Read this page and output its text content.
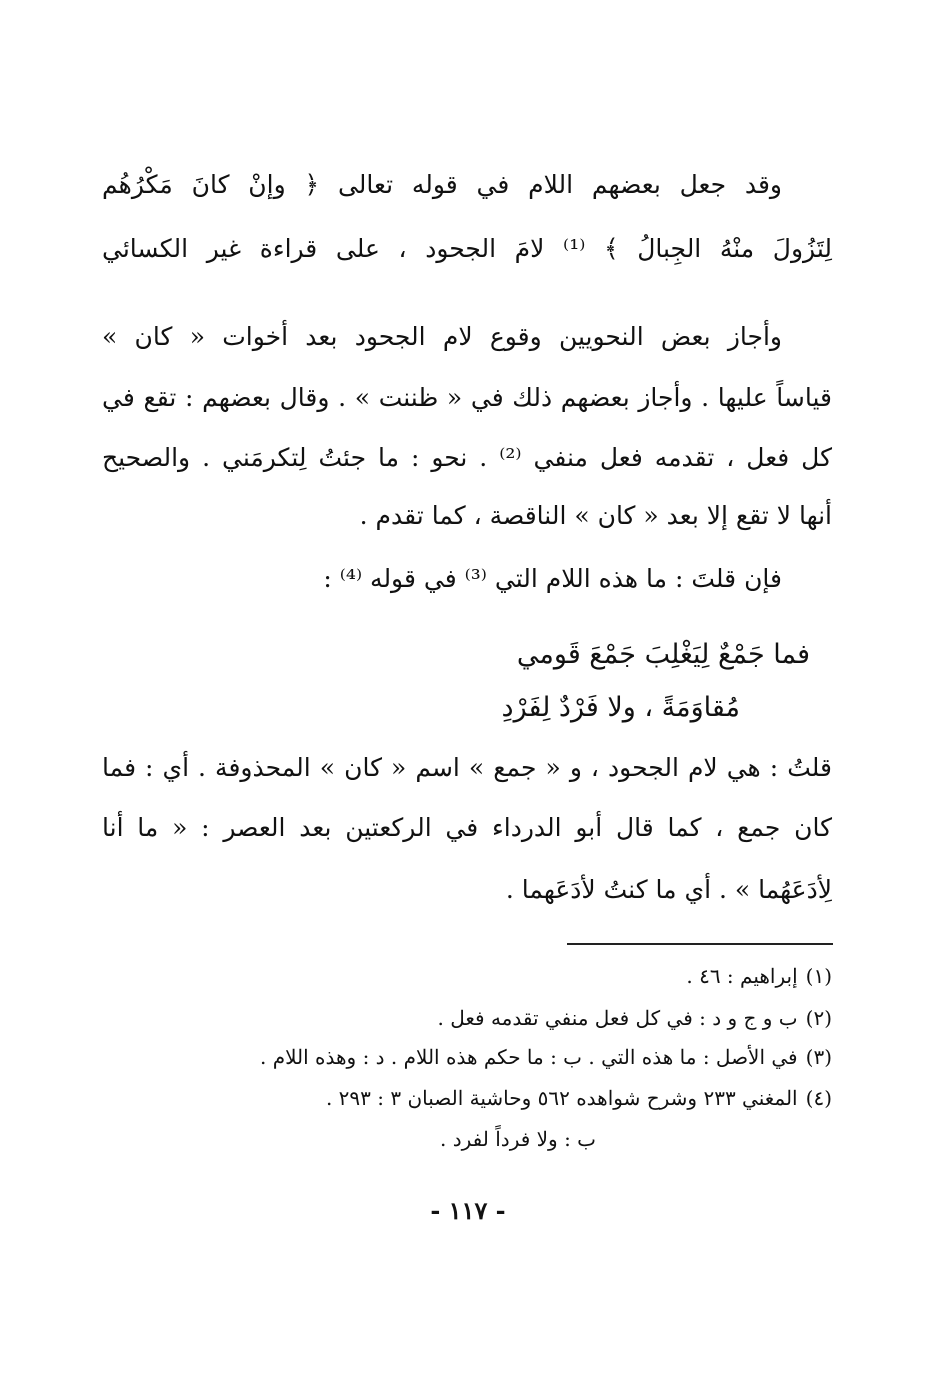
وقد جعل بعضهم اللام في قوله تعالى ﴿ وإنْ كانَ مَكْرُهُم
لِتَزُولَ منْهُ الجِبالُ ﴾ ⁽¹⁾ لامَ الجحود ، على قراءة غير الكسائي
وأجاز بعض النحويين وقوع لام الجحود بعد أخوات « كان »
قياساً عليها . وأجاز بعضهم ذلك في « ظننت » . وقال بعضهم : تقع في
كل فعل ، تقدمه فعل منفي ⁽²⁾ . نحو : ما جئتُ لِتكرمَني . والصحيح
أنها لا تقع إلا بعد « كان » الناقصة ، كما تقدم .
فإن قلتَ : ما هذه اللام التي ⁽³⁾ في قوله ⁽⁴⁾ :
فما جَمْعٌ لِيَغْلِبَ جَمْعَ قَومي
مُقاوَمَةً ، ولا فَرْدٌ لِفَرْدِ
قلتُ : هي لام الجحود ، و « جمع » اسم « كان » المحذوفة . أي : فما
كان جمع ، كما قال أبو الدرداء في الركعتين بعد العصر : « ما أنا
لِأدَعَهُما » . أي ما كنتُ لأدَعَهما .
(١)إبراهيم : ٤٦ .
(٢)ب و ج و د : في كل فعل منفي تقدمه فعل .
(٣)في الأصل : ما هذه التي . ب : ما حكم هذه اللام . د : وهذه اللام .
(٤)المغني ٢٣٣ وشرح شواهده ٥٦٢ وحاشية الصبان ٣ : ٢٩٣ .
ب : ولا فرداً لفرد .
- ١١٧ -
